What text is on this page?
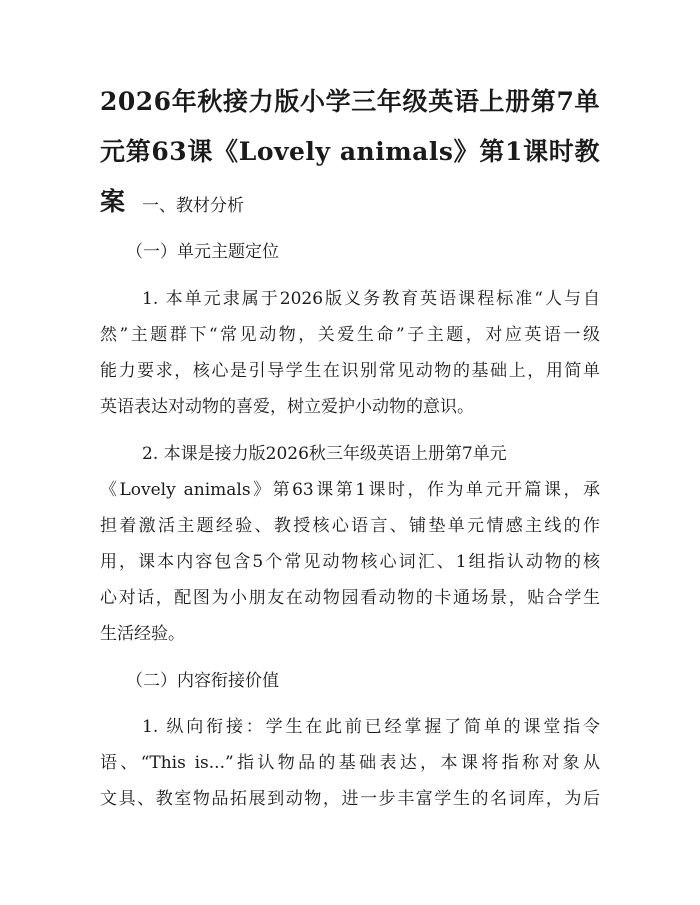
2026年秋接力版小学三年级英语上册第7单元第63课《Lovely animals》第1课时教案 一、教材分析

（一）单元主题定位

1. 本单元隶属于2026版义务教育英语课程标准“人与自

然”主题群下“常见动物，关爱生命”子主题，对应英语一级

能力要求，核心是引导学生在识别常见动物的基础上，用简单

英语表达对动物的喜爱，树立爱护小动物的意识。

2. 本课是接力版2026秋三年级英语上册第7单元

《Lovely animals》第63课第1课时，作为单元开篇课，承

担着激活主题经验、教授核心语言、铺垫单元情感主线的作

用，课本内容包含5个常见动物核心词汇、1组指认动物的核

心对话，配图为小朋友在动物园看动物的卡通场景，贴合学生

生活经验。

（二）内容衔接价值

1. 纵向衔接：学生在此前已经掌握了简单的课堂指令

语、“This is...”指认物品的基础表达，本课将指称对象从

文具、教室物品拓展到动物，进一步丰富学生的名词库，为后
